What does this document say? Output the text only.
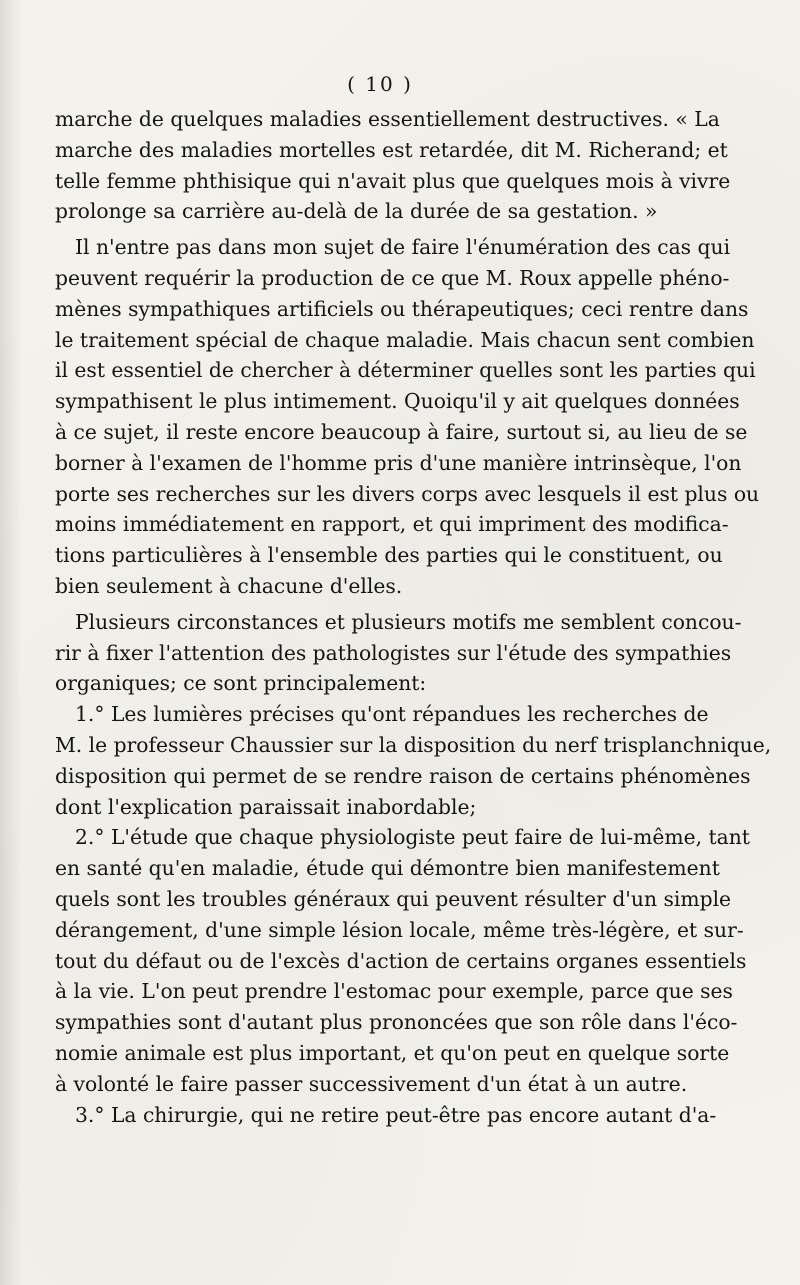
( 10 )
marche de quelques maladies essentiellement destructives. « La
marche des maladies mortelles est retardée, dit M. Richerand; et
telle femme phthisique qui n'avait plus que quelques mois à vivre
prolonge sa carrière au-delà de la durée de sa gestation. »
Il n'entre pas dans mon sujet de faire l'énumération des cas qui
peuvent requérir la production de ce que M. Roux appelle phéno-
mènes sympathiques artificiels ou thérapeutiques; ceci rentre dans
le traitement spécial de chaque maladie. Mais chacun sent combien
il est essentiel de chercher à déterminer quelles sont les parties qui
sympathisent le plus intimement. Quoiqu'il y ait quelques données
à ce sujet, il reste encore beaucoup à faire, surtout si, au lieu de se
borner à l'examen de l'homme pris d'une manière intrinsèque, l'on
porte ses recherches sur les divers corps avec lesquels il est plus ou
moins immédiatement en rapport, et qui impriment des modifica-
tions particulières à l'ensemble des parties qui le constituent, ou
bien seulement à chacune d'elles.
Plusieurs circonstances et plusieurs motifs me semblent concou-
rir à fixer l'attention des pathologistes sur l'étude des sympathies
organiques; ce sont principalement:
1.° Les lumières précises qu'ont répandues les recherches de
M. le professeur Chaussier sur la disposition du nerf trisplanchnique,
disposition qui permet de se rendre raison de certains phénomènes
dont l'explication paraissait inabordable;
2.° L'étude que chaque physiologiste peut faire de lui-même, tant
en santé qu'en maladie, étude qui démontre bien manifestement
quels sont les troubles généraux qui peuvent résulter d'un simple
dérangement, d'une simple lésion locale, même très-légère, et sur-
tout du défaut ou de l'excès d'action de certains organes essentiels
à la vie. L'on peut prendre l'estomac pour exemple, parce que ses
sympathies sont d'autant plus prononcées que son rôle dans l'éco-
nomie animale est plus important, et qu'on peut en quelque sorte
à volonté le faire passer successivement d'un état à un autre.
3.° La chirurgie, qui ne retire peut-être pas encore autant d'a-
